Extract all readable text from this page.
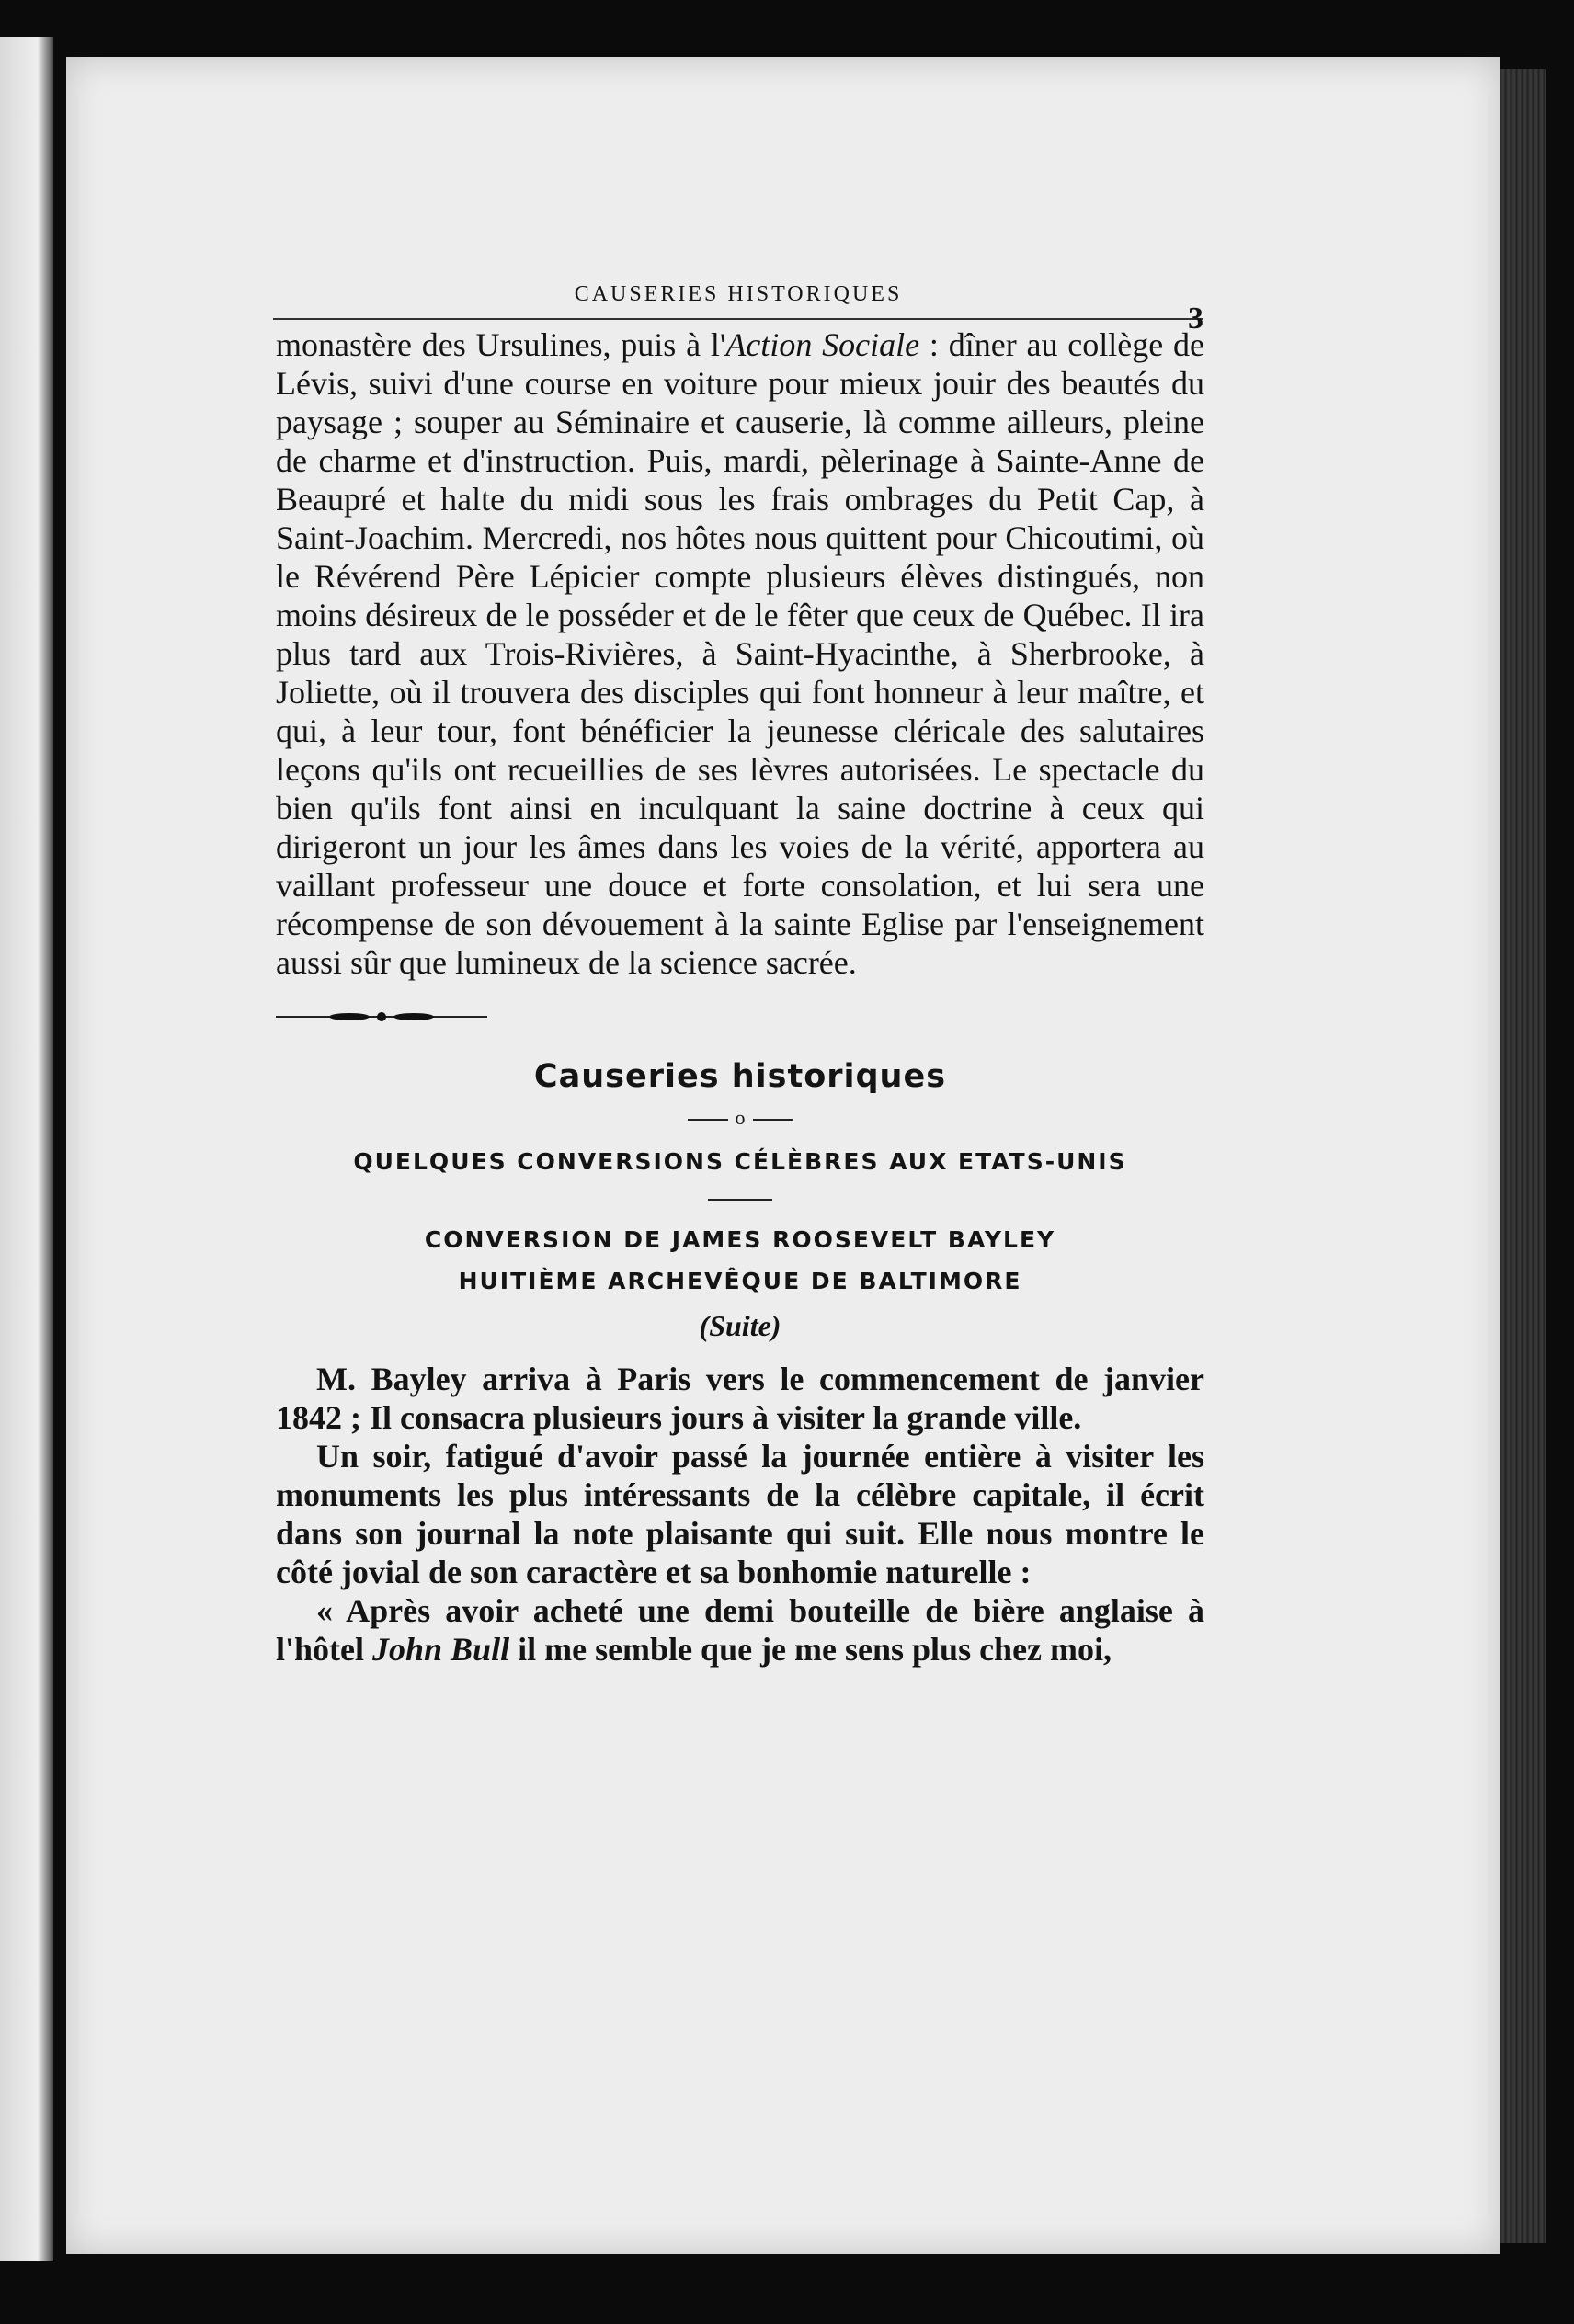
CAUSERIES HISTORIQUES
3

monastère des Ursulines, puis à l'Action Sociale : dîner au collège de Lévis, suivi d'une course en voiture pour mieux jouir des beautés du paysage ; souper au Séminaire et causerie, là comme ailleurs, pleine de charme et d'instruction. Puis, mardi, pèlerinage à Sainte-Anne de Beaupré et halte du midi sous les frais ombrages du Petit Cap, à Saint-Joachim. Mercredi, nos hôtes nous quittent pour Chicoutimi, où le Révérend Père Lépicier compte plusieurs élèves distingués, non moins désireux de le posséder et de le fêter que ceux de Québec. Il ira plus tard aux Trois-Rivières, à Saint-Hyacinthe, à Sherbrooke, à Joliette, où il trouvera des disciples qui font honneur à leur maître, et qui, à leur tour, font bénéficier la jeunesse cléricale des salutaires leçons qu'ils ont recueillies de ses lèvres autorisées. Le spectacle du bien qu'ils font ainsi en inculquant la saine doctrine à ceux qui dirigeront un jour les âmes dans les voies de la vérité, apportera au vaillant professeur une douce et forte consolation, et lui sera une récompense de son dévouement à la sainte Eglise par l'enseignement aussi sûr que lumineux de la science sacrée.

Causeries historiques
o

QUELQUES CONVERSIONS CÉLÈBRES AUX ETATS-UNIS

CONVERSION DE JAMES ROOSEVELT BAYLEY

HUITIÈME ARCHEVÊQUE DE BALTIMORE

(Suite)

M. Bayley arriva à Paris vers le commencement de janvier 1842 ; Il consacra plusieurs jours à visiter la grande ville.

Un soir, fatigué d'avoir passé la journée entière à visiter les monuments les plus intéressants de la célèbre capitale, il écrit dans son journal la note plaisante qui suit. Elle nous montre le côté jovial de son caractère et sa bonhomie naturelle :

« Après avoir acheté une demi bouteille de bière anglaise à l'hôtel John Bull il me semble que je me sens plus chez moi,
